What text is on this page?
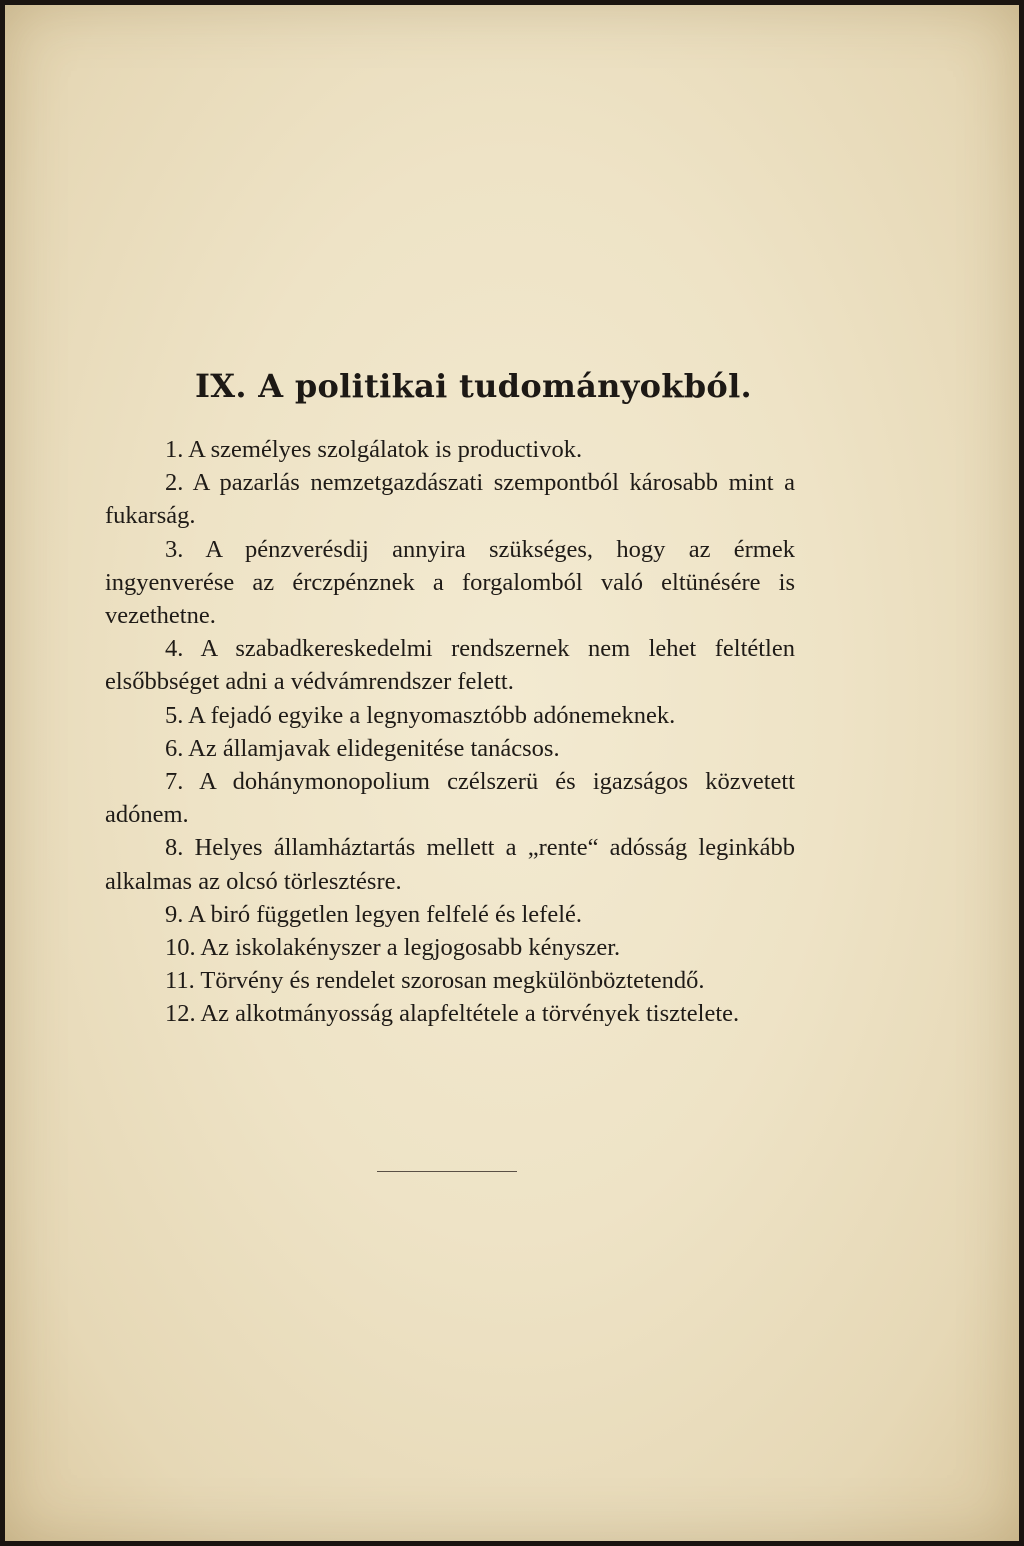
IX. A politikai tudományokból.

1. A személyes szolgálatok is productivok.

2. A pazarlás nemzetgazdászati szempontból károsabb mint a fukarság.

3. A pénzverésdij annyira szükséges, hogy az érmek ingyenverése az érczpénznek a forgalomból való eltünésére is vezethetne.

4. A szabadkereskedelmi rendszernek nem lehet feltétlen elsőbbséget adni a védvámrendszer felett.

5. A fejadó egyike a legnyomasztóbb adónemeknek.

6. Az államjavak elidegenitése tanácsos.

7. A dohánymonopolium czélszerü és igazságos közvetett adónem.

8. Helyes államháztartás mellett a „rente“ adósság leginkább alkalmas az olcsó törlesztésre.

9. A biró független legyen felfelé és lefelé.

10. Az iskolakényszer a legjogosabb kényszer.

11. Törvény és rendelet szorosan megkülönböztetendő.

12. Az alkotmányosság alapfeltétele a törvények tisztelete.
